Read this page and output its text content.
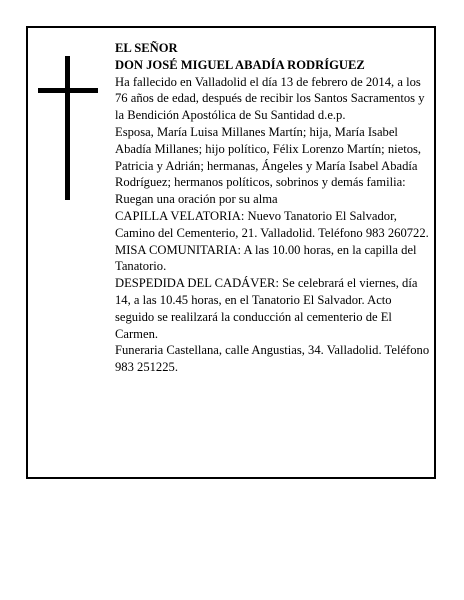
EL SEÑOR

DON JOSÉ MIGUEL ABADÍA RODRÍGUEZ

Ha fallecido en Valladolid el día 13 de febrero de 2014, a los 76 años de edad, después de recibir los Santos Sacramentos y la Bendición Apostólica de Su Santidad d.e.p.

Esposa, María Luisa Millanes Martín; hija, María Isabel Abadía Millanes; hijo político, Félix Lorenzo Martín; nietos, Patricia y Adrián; hermanas, Ángeles y María Isabel Abadía Rodríguez; hermanos políticos, sobrinos y demás familia:

Ruegan una oración por su alma

CAPILLA VELATORIA: Nuevo Tanatorio El Salvador, Camino del Cementerio, 21. Valladolid. Teléfono 983 260722.

MISA COMUNITARIA: A las 10.00 horas, en la capilla del Tanatorio.

DESPEDIDA DEL CADÁVER: Se celebrará el viernes, día 14, a las 10.45 horas, en el Tanatorio El Salvador. Acto seguido se realilzará la conducción al cementerio de El Carmen.

Funeraria Castellana, calle Angustias, 34. Valladolid. Teléfono 983 251225.
